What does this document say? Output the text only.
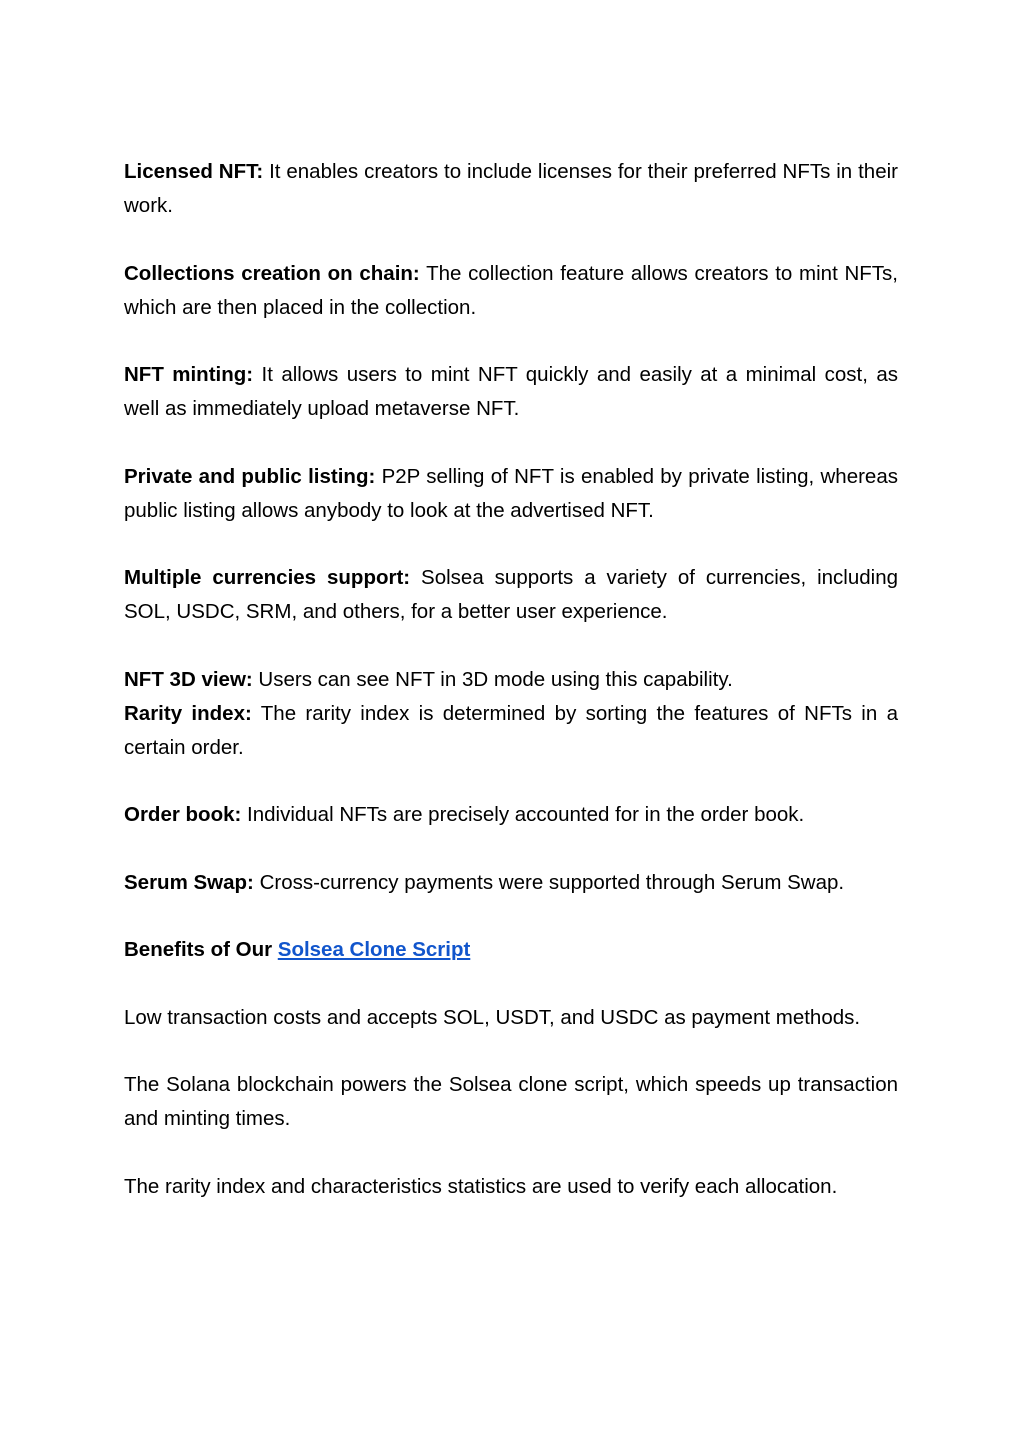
Licensed NFT: It enables creators to include licenses for their preferred NFTs in their work.

Collections creation on chain: The collection feature allows creators to mint NFTs, which are then placed in the collection.

NFT minting: It allows users to mint NFT quickly and easily at a minimal cost, as well as immediately upload metaverse NFT.

Private and public listing: P2P selling of NFT is enabled by private listing, whereas public listing allows anybody to look at the advertised NFT.

Multiple currencies support: Solsea supports a variety of currencies, including SOL, USDC, SRM, and others, for a better user experience.

NFT 3D view: Users can see NFT in 3D mode using this capability.

Rarity index: The rarity index is determined by sorting the features of NFTs in a certain order.

Order book: Individual NFTs are precisely accounted for in the order book.

Serum Swap: Cross-currency payments were supported through Serum Swap.

Benefits of Our Solsea Clone Script

Low transaction costs and accepts SOL, USDT, and USDC as payment methods.

The Solana blockchain powers the Solsea clone script, which speeds up transaction and minting times.

The rarity index and characteristics statistics are used to verify each allocation.
